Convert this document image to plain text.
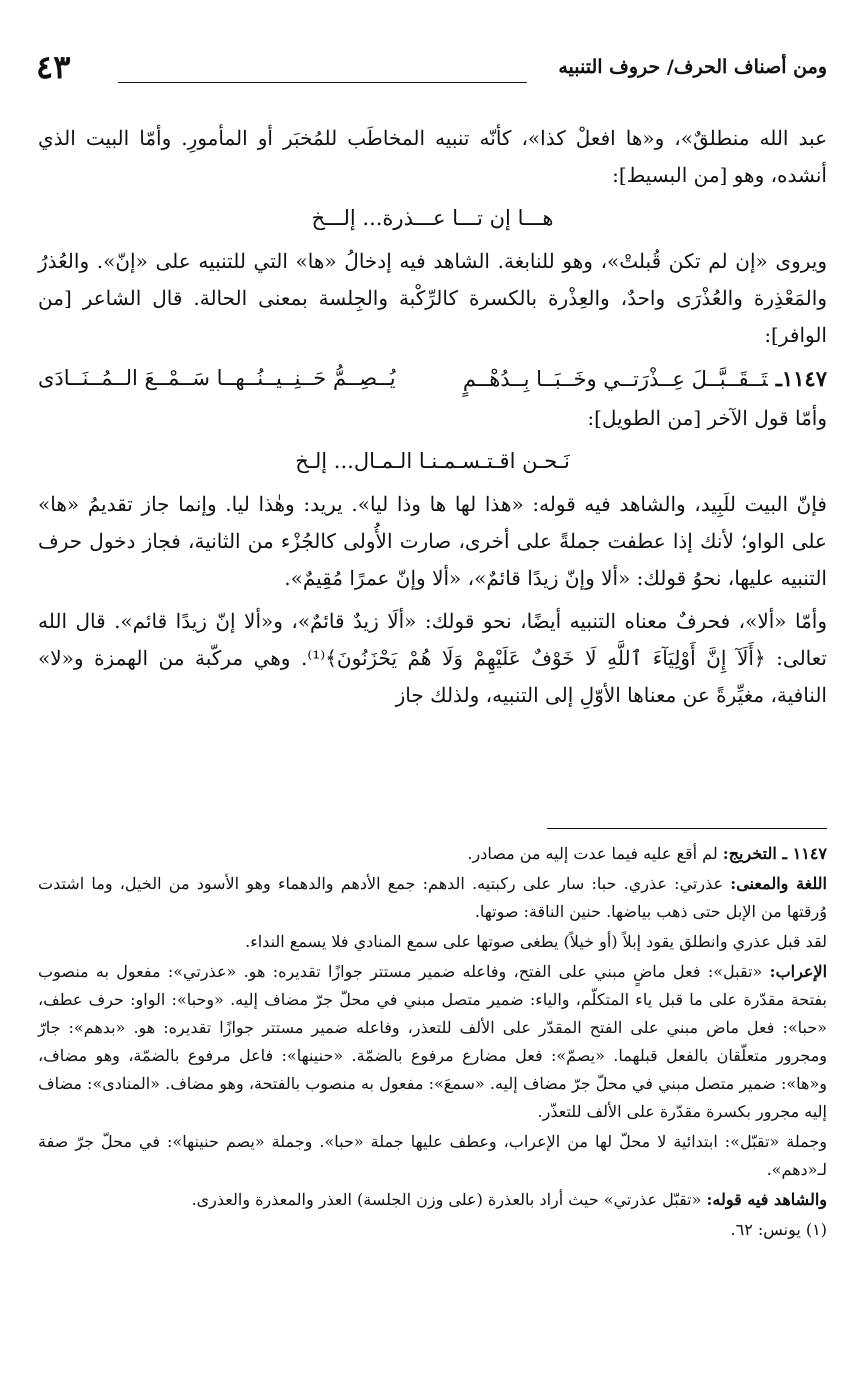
ومن أصناف الحرف/ حروف التنبيه
٤٣

عبد الله منطلقٌ»، و«ها افعلْ كذا»، كأنّه تنبيه المخاطَب للمُخبَر أو المأمورِ. وأمّا البيت الذي أنشده، وهو [من البسيط]:

هـــا إن تـــا عـــذرة... إلـــخ

ويروى «إن لم تكن قُبلتْ»، وهو للنابغة. الشاهد فيه إدخالُ «ها» التي للتنبيه على «إنّ». والعُذرُ والمَعْذِرة والعُذْرَى واحدٌ، والعِذْرة بالكسرة كالرِّكْبة والجِلسة بمعنى الحالة. قال الشاعر [من الوافر]:

١١٤٧ـتَــقَــبَّــلَ عِــذْرَتــي وخَــبَــا بِــدُهْــمٍ
يُــصِــمُّ حَــنِــيــنُــهــا سَــمْــعَ الــمُــنَــادَى

وأمّا قول الآخر [من الطويل]:

نَـحـن اقـتـسـمـنـا الـمـال... إلـخ

فإنّ البيت للَبِيد، والشاهد فيه قوله: «هذا لها ها وذا ليا». يريد: وهٰذا ليا. وإنما جاز تقديمُ «ها» على الواو؛ لأنك إذا عطفت جملةً على أخرى، صارت الأُولى كالجُزْء من الثانية، فجاز دخول حرف التنبيه عليها، نحوُ قولك: «ألا وإنّ زيدًا قائمٌ»، «ألا وإنّ عمرًا مُقِيمٌ».

وأمّا «ألا»، فحرفٌ معناه التنبيه أيضًا، نحو قولك: «ألَا زيدٌ قائمٌ»، و«ألا إنّ زيدًا قائم». قال الله تعالى: ﴿أَلَآ إِنَّ أَوْلِيَآءَ ٱللَّهِ لَا خَوْفٌ عَلَيْهِمْ وَلَا هُمْ يَحْزَنُونَ﴾⁽¹⁾. وهي مركّبة من الهمزة و«لا» النافية، مغيِّرةً عن معناها الأوّلِ إلى التنبيه، ولذلك جاز

١١٤٧ ـ التخريج: لم أقع عليه فيما عدت إليه من مصادر.

اللغة والمعنى: عذرتي: عذري. حبا: سار على ركبتيه. الدهم: جمع الأدهم والدهماء وهو الأسود من الخيل، وما اشتدت وُرقتها من الإبل حتى ذهب بياضها. حنين الناقة: صوتها.

لقد قبل عذري وانطلق يقود إبلاً (أو خيلاً) يطغى صوتها على سمع المنادي فلا يسمع النداء.

الإعراب: «تقبل»: فعل ماضٍ مبني على الفتح، وفاعله ضمير مستتر جوازًا تقديره: هو. «عذرتي»: مفعول به منصوب بفتحة مقدّرة على ما قبل ياء المتكلّم، والياء: ضمير متصل مبني في محلّ جرّ مضاف إليه. «وحبا»: الواو: حرف عطف، «حبا»: فعل ماض مبني على الفتح المقدّر على الألف للتعذر، وفاعله ضمير مستتر جوازًا تقديره: هو. «بدهم»: جارّ ومجرور متعلّقان بالفعل قبلهما. «يصمّ»: فعل مضارع مرفوع بالضمّة. «حنينها»: فاعل مرفوع بالضمّة، وهو مضاف، و«ها»: ضمير متصل مبني في محلّ جرّ مضاف إليه. «سمعَ»: مفعول به منصوب بالفتحة، وهو مضاف. «المنادى»: مضاف إليه مجرور بكسرة مقدّرة على الألف للتعذّر.

وجملة «تقبّل»: ابتدائية لا محلّ لها من الإعراب، وعطف عليها جملة «حبا». وجملة «يصم حنينها»: في محلّ جرّ صفة لـ«دهم».

والشاهد فيه قوله: «تقبّل عذرتي» حيث أراد بالعذرة (على وزن الجلسة) العذر والمعذرة والعذرى.

(١) يونس: ٦٢.
